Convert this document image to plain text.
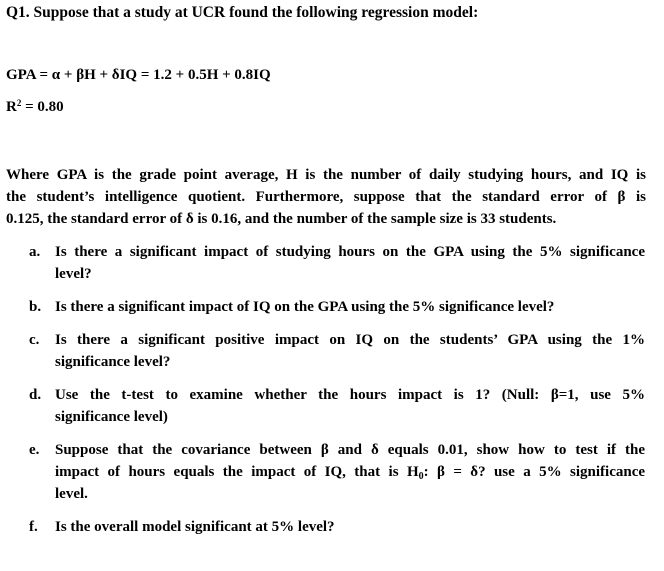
Q1. Suppose that a study at UCR found the following regression model:
GPA = α + βH + δIQ = 1.2 + 0.5H + 0.8IQ
$R^2 = 0.80$
Where GPA is the grade point average, H is the number of daily studying hours, and IQ is
the student’s intelligence quotient. Furthermore, suppose that the standard error of β is
0.125, the standard error of δ is 0.16, and the number of the sample size is 33 students.
a. Is there a significant impact of studying hours on the GPA using the 5% significance
level?
b. Is there a significant impact of IQ on the GPA using the 5% significance level?
c.	Is there a significant positive impact on IQ on the students’ GPA using the 1%
significance level?
d. Use the t-test to examine whether the hours impact is 1? (Null: β=1, use 5%
significance level)
e.	Suppose that the covariance between β and δ equals 0.01, show how to test if the
impact of hours equals the impact of IQ, that is $H_0$: β = δ? use a 5% significance
level.
f.	Is the overall model significant at 5% level?
